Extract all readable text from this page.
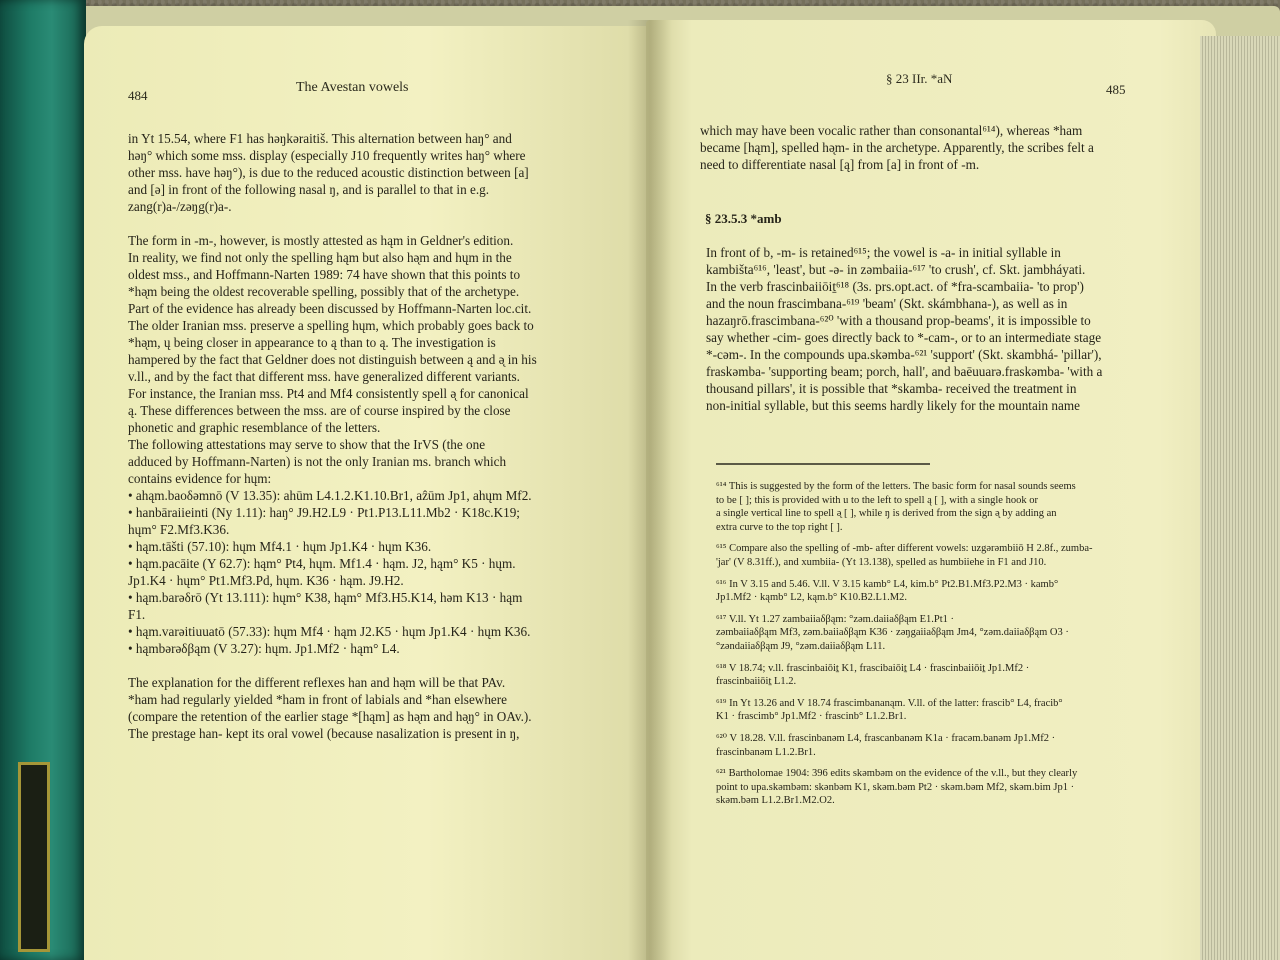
484
The Avestan vowels
§ 23 IIr. *aN
485
in Yt 15.54, where F1 has həŋkəraitiš. This alternation between haŋ° and
həŋ° which some mss. display (especially J10 frequently writes haŋ° where
other mss. have həŋ°), is due to the reduced acoustic distinction between [a]
and [ə] in front of the following nasal ŋ, and is parallel to that in e.g.
zang(r)a-/zəŋg(r)a-.

The form in -m-, however, is mostly attested as hąm in Geldner's edition.
In reality, we find not only the spelling hąm but also hə̨m and hųm in the
oldest mss., and Hoffmann-Narten 1989: 74 have shown that this points to
*hə̨m being the oldest recoverable spelling, possibly that of the archetype.
Part of the evidence has already been discussed by Hoffmann-Narten loc.cit.
The older Iranian mss. preserve a spelling hųm, which probably goes back to
*hə̨m, ų being closer in appearance to ą than to ą. The investigation is
hampered by the fact that Geldner does not distinguish between ą and ə̨ in his
v.ll., and by the fact that different mss. have generalized different variants.
For instance, the Iranian mss. Pt4 and Mf4 consistently spell ə̨ for canonical
ą. These differences between the mss. are of course inspired by the close
phonetic and graphic resemblance of the letters.
The following attestations may serve to show that the IrVS (the one
adduced by Hoffmann-Narten) is not the only Iranian ms. branch which
contains evidence for hųm:
• ahąm.baoδəmnō (V 13.35): ahūm L4.1.2.K1.10.Br1, aẑūm Jp1, ahųm Mf2.
• hanbāraiieinti (Ny 1.11): haŋ° J9.H2.L9 · Pt1.P13.L11.Mb2 · K18c.K19;
hųm° F2.Mf3.K36.
• hąm.tāšti (57.10): hųm Mf4.1 · hųm Jp1.K4 · hųm K36.
• hąm.pacāite (Y 62.7): hąm° Pt4, hųm. Mf1.4 · hąm. J2, hąm° K5 · hųm.
Jp1.K4 · hųm° Pt1.Mf3.Pd, hųm. K36 · hąm. J9.H2.
• hąm.barəδrō (Yt 13.111): hųm° K38, hąm° Mf3.H5.K14, həm K13 · hąm
F1.
• hąm.varəitiuuatō (57.33): hųm Mf4 · hąm J2.K5 · hųm Jp1.K4 · hųm K36.
• hąmbərəδβąm (V 3.27): hųm. Jp1.Mf2 · hąm° L4.

The explanation for the different reflexes han and hə̨m will be that PAv.
*ham had regularly yielded *ham in front of labials and *han elsewhere
(compare the retention of the earlier stage *[hąm] as hə̨m and hə̨ŋ° in OAv.).
The prestage han- kept its oral vowel (because nasalization is present in ŋ,
which may have been vocalic rather than consonantal⁶¹⁴), whereas *ham
became [hąm], spelled hə̨m- in the archetype. Apparently, the scribes felt a
need to differentiate nasal [ą] from [a] in front of -m.
§ 23.5.3 *amb
In front of b, -m- is retained⁶¹⁵; the vowel is -a- in initial syllable in
kambišta⁶¹⁶, 'least', but -ə- in zəmbaiia-⁶¹⁷ 'to crush', cf. Skt. jambháyati.
In the verb frascinbaiiōiṯ⁶¹⁸ (3s. prs.opt.act. of *fra-scambaiia- 'to prop')
and the noun frascimbana-⁶¹⁹ 'beam' (Skt. skámbhana-), as well as in
hazaŋrō.frascimbana-⁶²⁰ 'with a thousand prop-beams', it is impossible to
say whether -cim- goes directly back to *-cam-, or to an intermediate stage
*-cəm-. In the compounds upa.skəmba-⁶²¹ 'support' (Skt. skambhá- 'pillar'),
fraskəmba- 'supporting beam; porch, hall', and baēuuarə.fraskəmba- 'with a
thousand pillars', it is possible that *skamba- received the treatment in
non-initial syllable, but this seems hardly likely for the mountain name
⁶¹⁴ This is suggested by the form of the letters. The basic form for nasal sounds seems
to be [ ]; this is provided with u to the left to spell ą [ ], with a single hook or
a single vertical line to spell ə̨ [ ], while ŋ is derived from the sign ə̨ by adding an
extra curve to the top right [ ].
⁶¹⁵ Compare also the spelling of -mb- after different vowels: uzgərəmbiiō H 2.8f., zumba-
'jar' (V 8.31ff.), and xumbiia- (Yt 13.138), spelled as humbiiehe in F1 and J10.
⁶¹⁶ In V 3.15 and 5.46. V.ll. V 3.15 kamb° L4, kim.b° Pt2.B1.Mf3.P2.M3 · kamb°
Jp1.Mf2 · kąmb° L2, kąm.b° K10.B2.L1.M2.
⁶¹⁷ V.ll. Yt 1.27 zambaiiaδβąm: °zəm.daiiaδβąm E1.Pt1 ·
zəmbaiiaδβąm Mf3, zəm.baiiaδβąm K36 · zəŋgaiiaδβąm Jm4, °zəm.daiiaδβąm O3 ·
°zəndaiiaδβąm J9, °zəm.daiiaδβąm L11.
⁶¹⁸ V 18.74; v.ll. frascinbaiōiṯ K1, frascibaiōiṯ L4 · frascinbaiiōiṯ Jp1.Mf2 ·
frascinbaiiōiṯ L1.2.
⁶¹⁹ In Yt 13.26 and V 18.74 frascimbananąm. V.ll. of the latter: frascib° L4, fracib°
K1 · frascimb° Jp1.Mf2 · frascinb° L1.2.Br1.
⁶²⁰ V 18.28. V.ll. frascinbanəm L4, frascanbanəm K1a · fracəm.banəm Jp1.Mf2 ·
frascinbanəm L1.2.Br1.
⁶²¹ Bartholomae 1904: 396 edits skəmbəm on the evidence of the v.ll., but they clearly
point to upa.skəmbəm: skənbəm K1, skəm.bəm Pt2 · skəm.bəm Mf2, skəm.bim Jp1 ·
skəm.bəm L1.2.Br1.M2.O2.
